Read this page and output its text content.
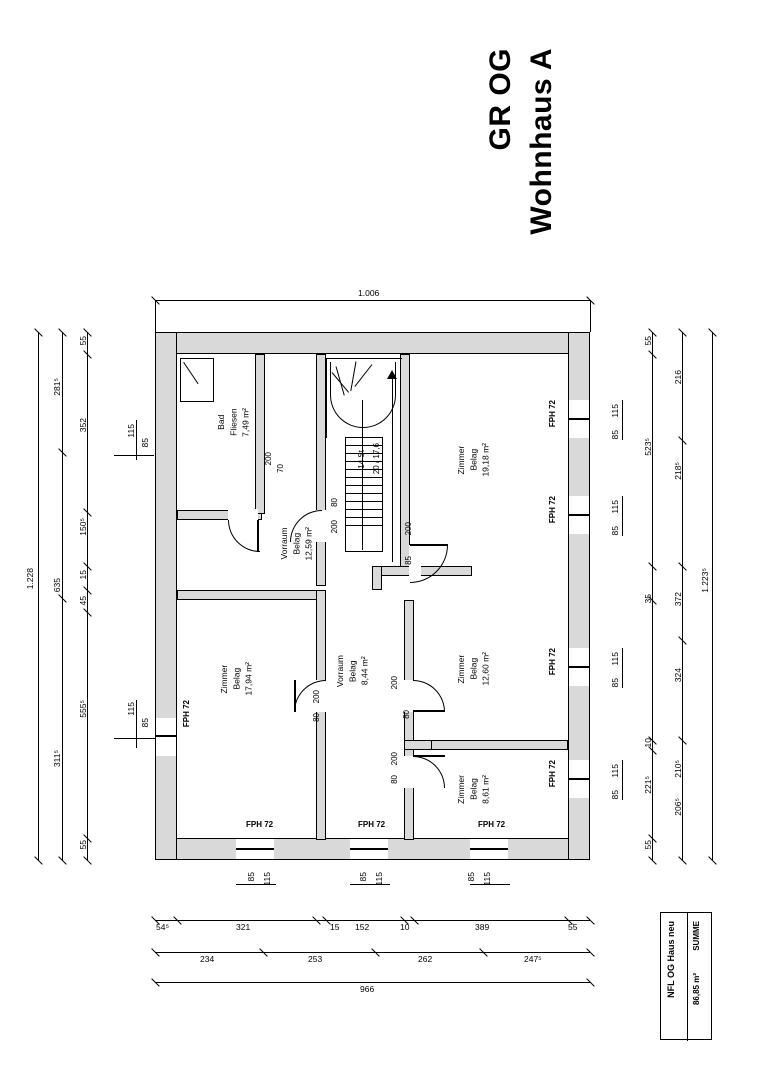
Wohnhaus A
GR OG
14 St 20 / 17,6
Bad Fliesen 7,49 m²
Vorraum Belag 12,59 m²
Zimmer Belag 19,18 m²
Zimmer Belag 17,94 m²	Vorraum Belag 8,44 m²	Zimmer Belag 12,60 m²
Zimmer Belag 8,61 m²
FPH 72
FPH 72
FPH 72
FPH 72
FPH 72
FPH 72	FPH 72	FPH 72
200
70
200
80
200
85
200
80
200
80
200
80
1.006
1.228
281⁵
635
311⁵
55
352
150⁵
15
45
555⁵
55
115
85
115
85
115
85
115
85
115
85
115
85
55
523⁵
35
10
221⁵
55
216
218⁵
372
324
210⁵
206⁵
1.223⁵
85 115	85 115	85 115
54⁵	321	15 152	10	389	55
234	253	262	247⁵
966	NFL OG Haus neu SUMME
86,85 m²
